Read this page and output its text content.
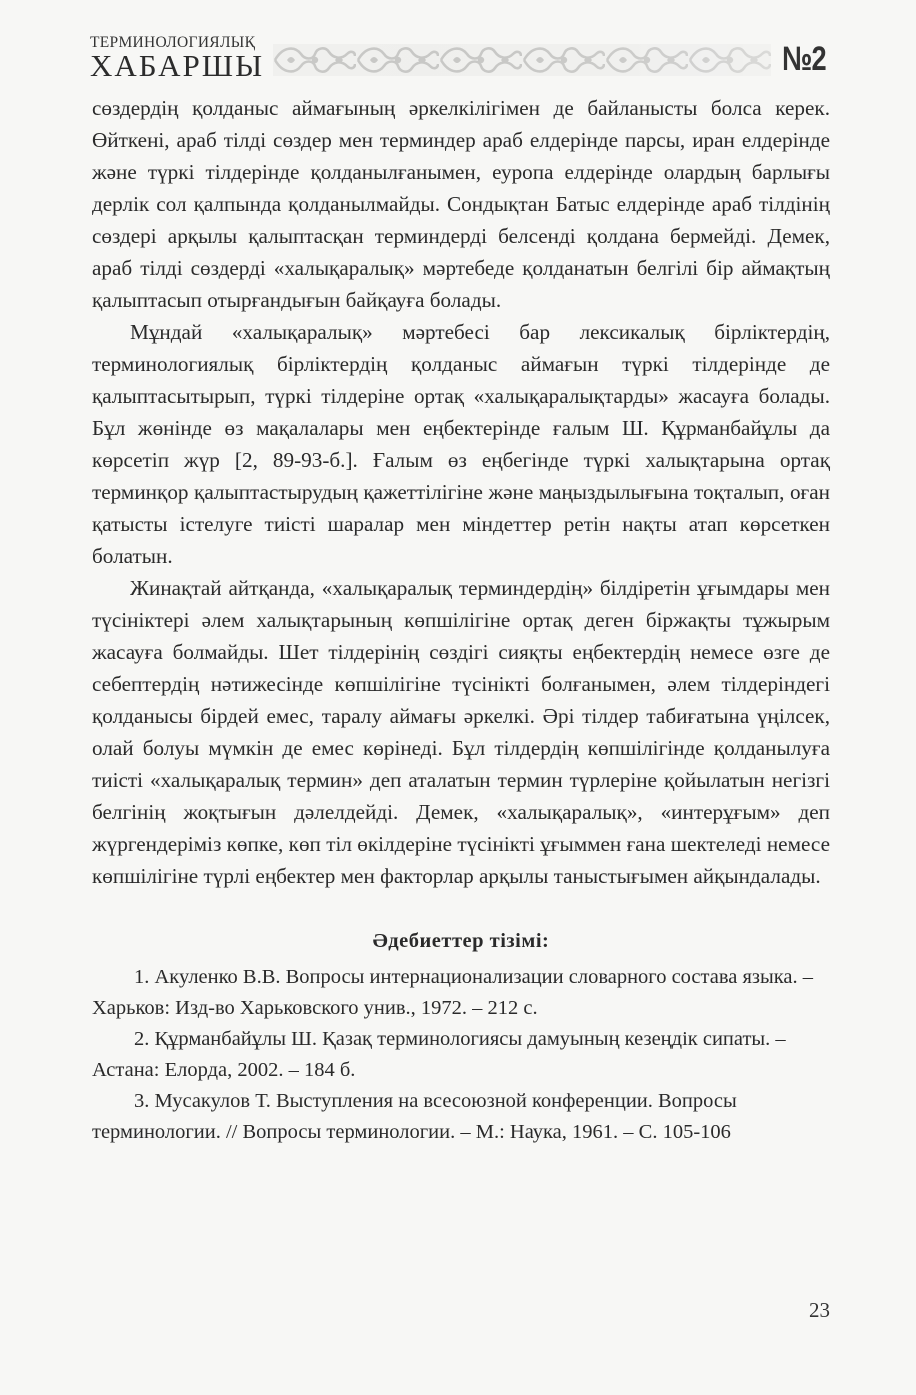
ТЕРМИНОЛОГИЯЛЫҚ
ХАБАРШЫ	№2

сөздердің қолданыс аймағының әркелкілігімен де байланысты болса керек. Өйткені, араб тілді сөздер мен терминдер араб елдерінде парсы, иран елдерінде және түркі тілдерінде қолданылғанымен, еуропа елдерінде олардың барлығы дерлік сол қалпында қолданылмайды. Сондықтан Батыс елдерінде араб тілдінің сөздері арқылы қалыптасқан терминдерді белсенді қолдана бермейді. Демек, араб тілді сөздерді «халықаралық» мәртебеде қолданатын белгілі бір аймақтың қалыптасып отырғандығын байқауға болады.

Мұндай «халықаралық» мәртебесі бар лексикалық бірліктердің, терминологиялық бірліктердің қолданыс аймағын түркі тілдерінде де қалыптасытырып, түркі тілдеріне ортақ «халықаралықтарды» жасауға болады. Бұл жөнінде өз мақалалары мен еңбектерінде ғалым Ш. Құрманбайұлы да көрсетіп жүр [2, 89-93-б.]. Ғалым өз еңбегінде түркі халықтарына ортақ терминқор қалыптастырудың қажеттілігіне және маңыздылығына тоқталып, оған қатысты істелуге тиісті шаралар мен міндеттер ретін нақты атап көрсеткен болатын.

Жинақтай айтқанда, «халықаралық терминдердің» білдіретін ұғымдары мен түсініктері әлем халықтарының көпшілігіне ортақ деген біржақты тұжырым жасауға болмайды. Шет тілдерінің сөздігі сияқты еңбектердің немесе өзге де себептердің нәтижесінде көпшілігіне түсінікті болғанымен, әлем тілдеріндегі қолданысы бірдей емес, таралу аймағы әркелкі. Әрі тілдер табиғатына үңілсек, олай болуы мүмкін де емес көрінеді. Бұл тілдердің көпшілігінде қолданылуға тиісті «халықаралық термин» деп аталатын термин түрлеріне қойылатын негізгі белгінің жоқтығын дәлелдейді. Демек, «халықаралық», «интерұғым» деп жүргендеріміз көпке, көп тіл өкілдеріне түсінікті ұғыммен ғана шектеледі немесе көпшілігіне түрлі еңбектер мен факторлар арқылы таныстығымен айқындалады.

Әдебиеттер тізімі:

1. Акуленко В.В. Вопросы интернационализации словарного состава языка. – Харьков: Изд-во Харьковского унив., 1972. – 212 с.

2. Құрманбайұлы Ш. Қазақ терминологиясы дамуының кезеңдік сипаты. – Астана: Елорда, 2002. – 184 б.

3. Мусакулов Т. Выступления на всесоюзной конференции. Вопросы терминологии. // Вопросы терминологии. – М.: Наука, 1961. – С. 105-106

23
